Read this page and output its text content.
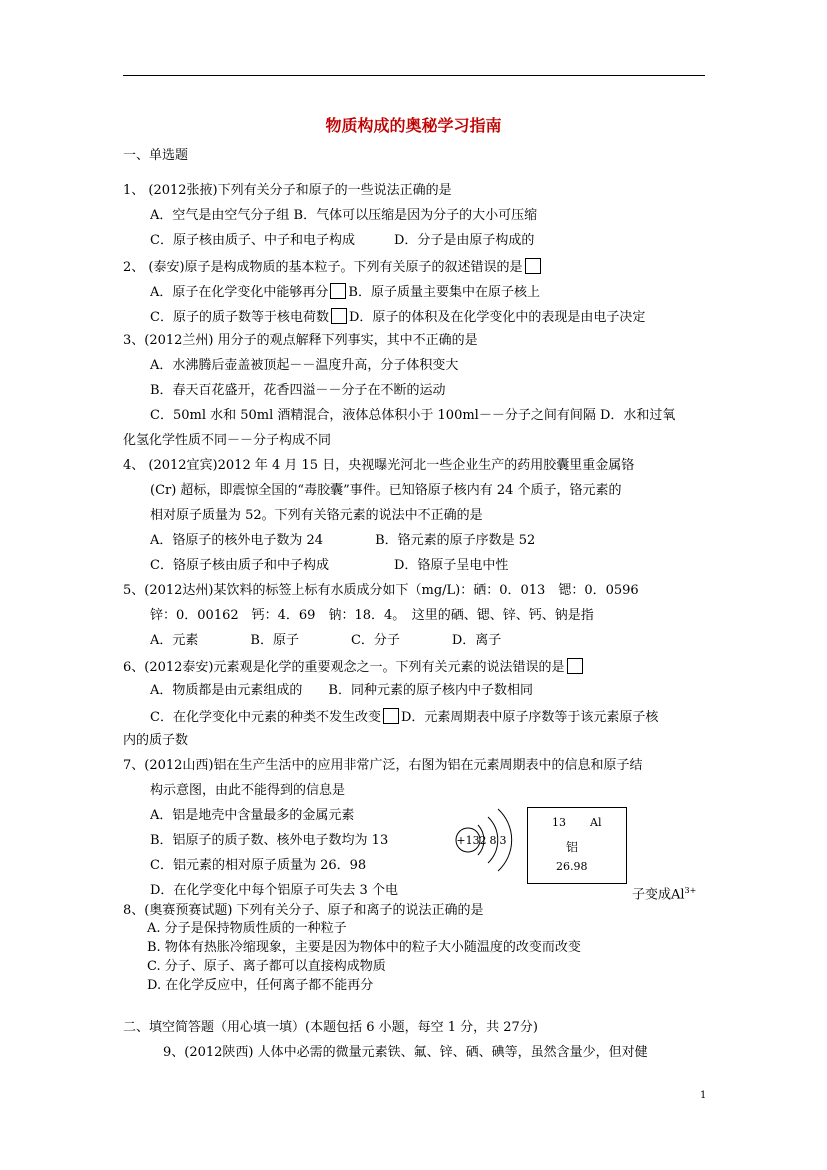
物质构成的奥秘学习指南
一、单选题
1、 (2012张掖)下列有关分子和原子的一些说法正确的是
A．空气是由空气分子组 B．气体可以压缩是因为分子的大小可压缩
C．原子核由质子、中子和电子构成　　　D．分子是由原子构成的
2、 (泰安)原子是构成物质的基本粒子。下列有关原子的叙述错误的是
A．原子在化学变化中能够再分 B．原子质量主要集中在原子核上
C．原子的质子数等于核电荷数 D．原子的体积及在化学变化中的表现是由电子决定
3、(2012兰州) 用分子的观点解释下列事实，其中不正确的是
A．水沸腾后壶盖被顶起－－温度升高，分子体积变大
B．春天百花盛开，花香四溢－－分子在不断的运动
C．50ml 水和 50ml 酒精混合，液体总体积小于 100ml－－分子之间有间隔 D．水和过氧
化氢化学性质不同－－分子构成不同
4、 (2012宜宾)2012 年 4 月 15 日，央视曝光河北一些企业生产的药用胶囊里重金属铬
(Cr) 超标，即震惊全国的“毒胶囊”事件。已知铬原子核内有 24 个质子，铬元素的
相对原子质量为 52。下列有关铬元素的说法中不正确的是
A．铬原子的核外电子数为 24　　　　B．铬元素的原子序数是 52
C．铬原子核由质子和中子构成　　　　　D．铬原子呈电中性
5、(2012达州)某饮料的标签上标有水质成分如下（mg/L)：硒：0．013　锶：0．0596
锌：0．00162　钙：4．69　钠：18．4。　这里的硒、锶、锌、钙、钠是指
A．元素　　　　B．原子　　　　C．分子　　　　D．离子
6、(2012泰安)元素观是化学的重要观念之一。下列有关元素的说法错误的是
A．物质都是由元素组成的　　B．同种元素的原子核内中子数相同
C．在化学变化中元素的种类不发生改变 D．元素周期表中原子序数等于该元素原子核
内的质子数
7、(2012山西)铝在生产生活中的应用非常广泛，右图为铝在元素周期表中的信息和原子结
构示意图，由此不能得到的信息是
A．铝是地壳中含量最多的金属元素
B．铝原子的质子数、核外电子数均为 13
C．铝元素的相对原子质量为 26．98
D．在化学变化中每个铝原子可失去 3 个电	子变成$Al^{3+}$
8、(奥赛预赛试题) 下列有关分子、原子和离子的说法正确的是
A. 分子是保持物质性质的一种粒子
B. 物体有热胀冷缩现象，主要是因为物体中的粒子大小随温度的改变而改变
C. 分子、原子、离子都可以直接构成物质
D. 在化学反应中，任何离子都不能再分
二、填空简答题（用心填一填）(本题包括 6 小题，每空 1 分，共 27分)
9、(2012陕西) 人体中必需的微量元素铁、氟、锌、硒、碘等，虽然含量少，但对健
+13 2 8 3
13 Al
铝
26.98
1
